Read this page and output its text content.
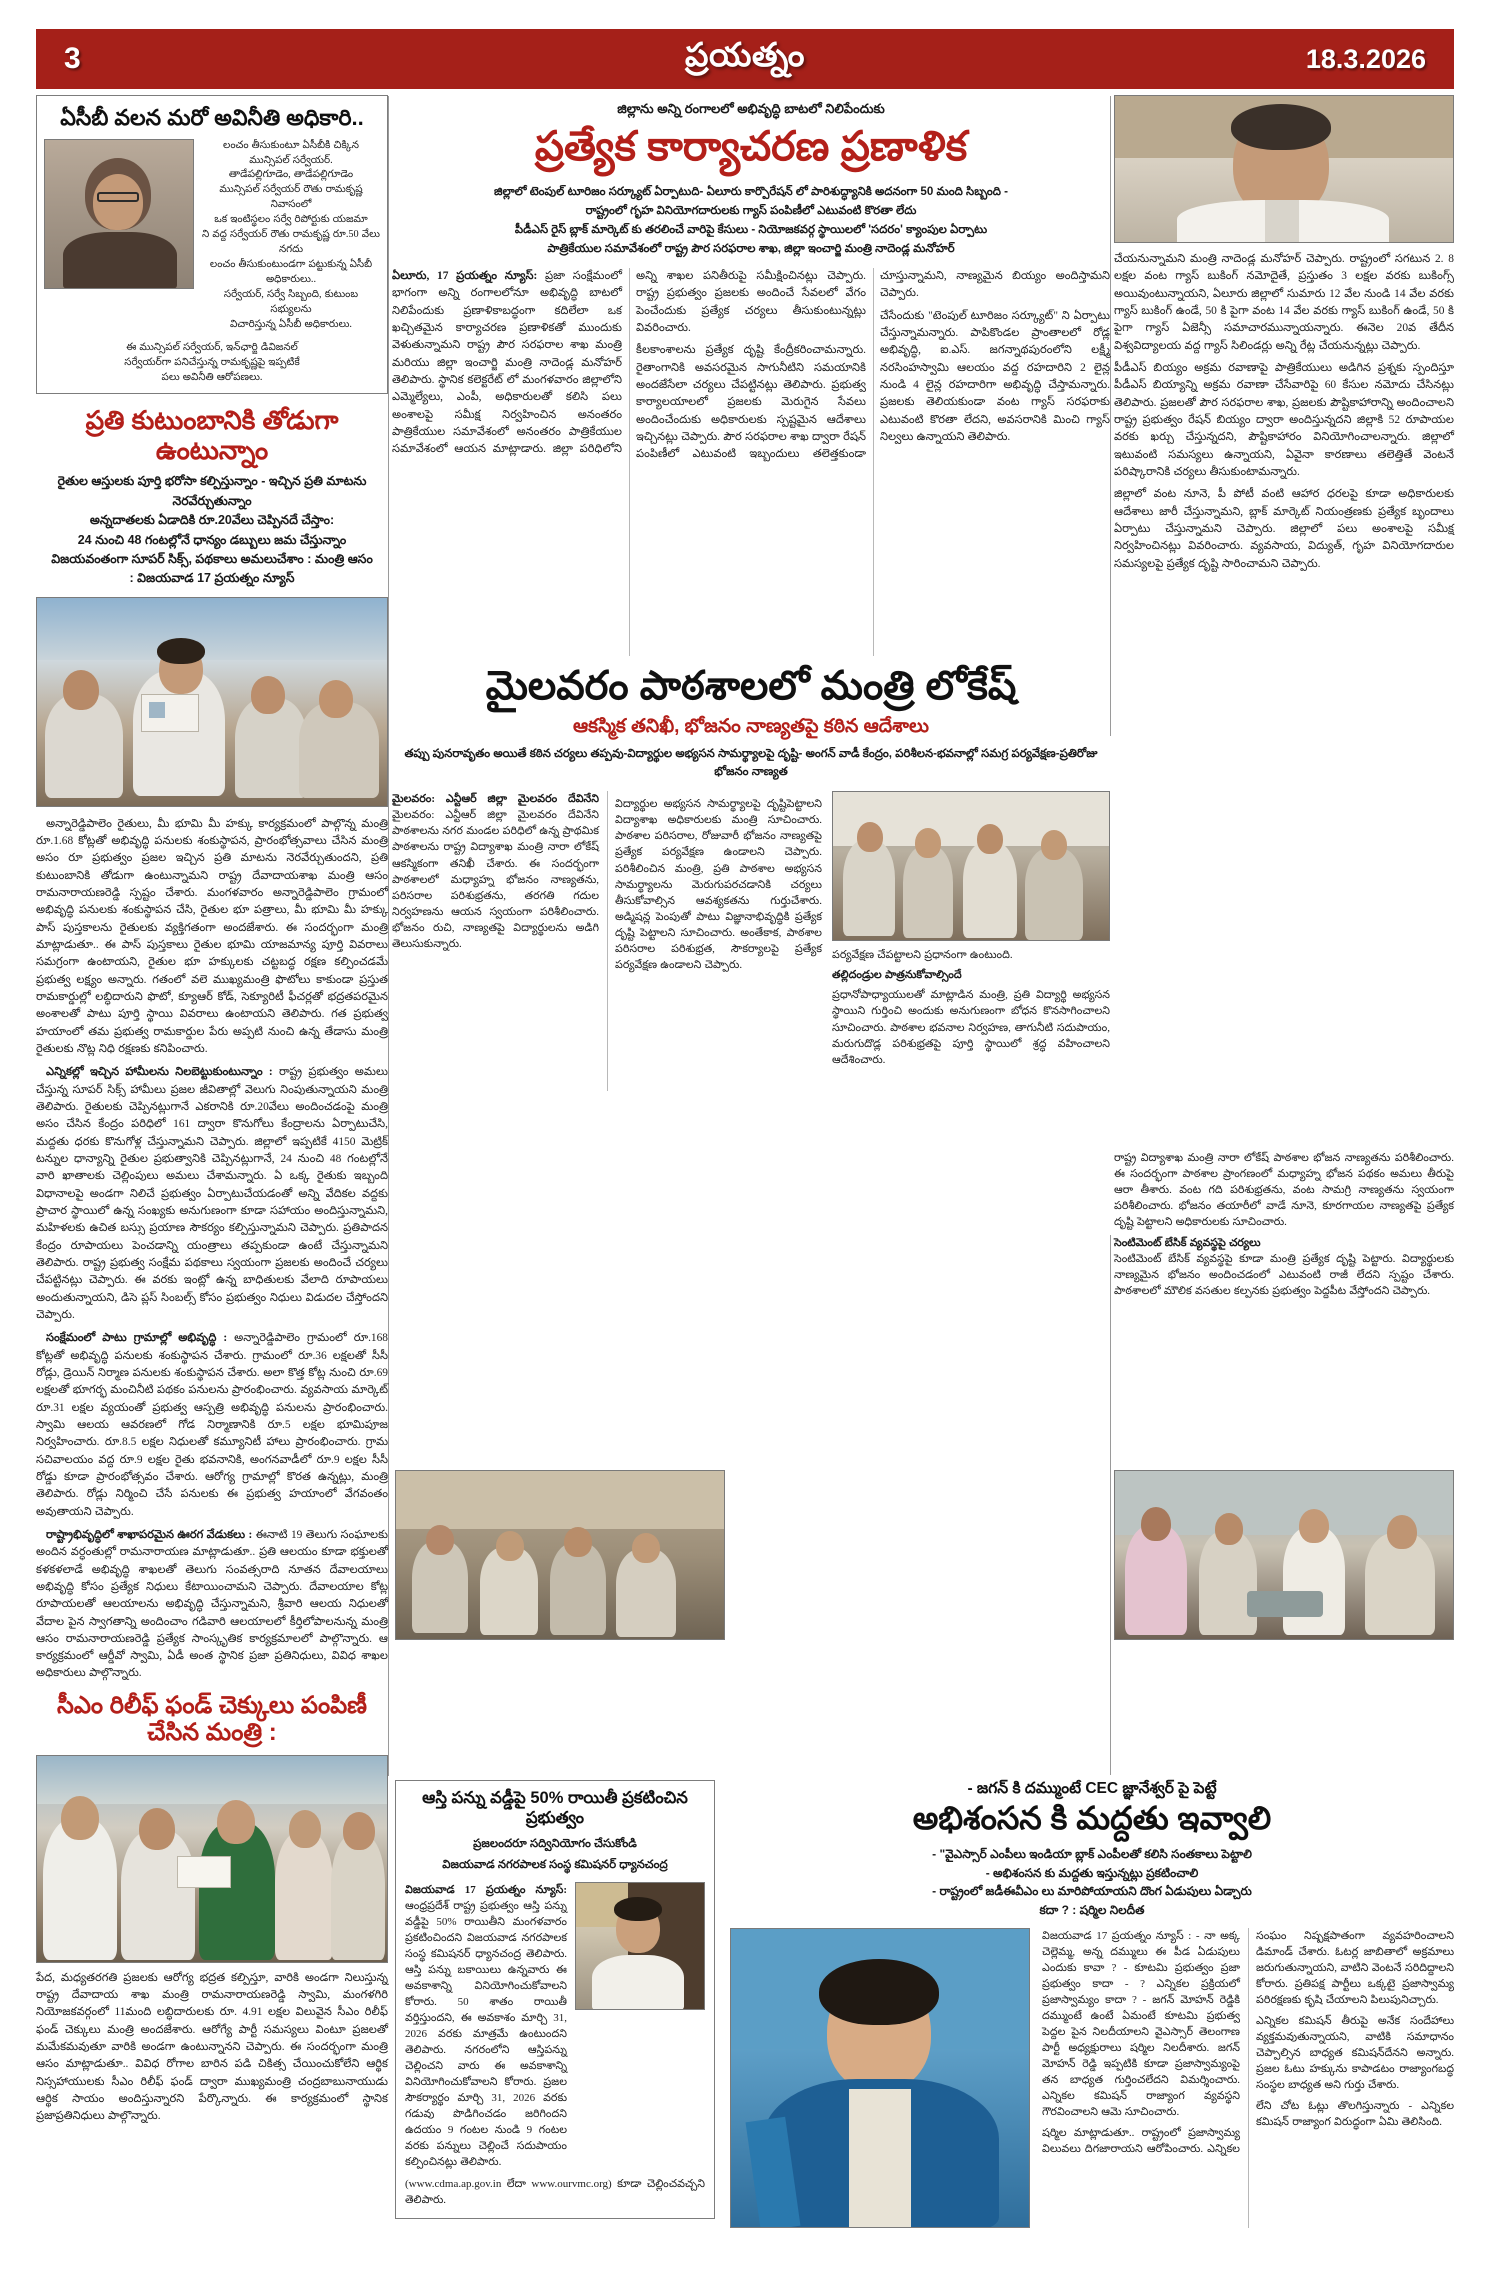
3	ప్రయత్నం	18.3.2026
ఏసీబీ వలన మరో అవినీతి అధికారి..
లంచం తీసుకుంటూ ఏసీబీకి చిక్కిన
మున్సిపల్ సర్వేయర్.
తాడేపల్లిగూడెం, తాడేపల్లిగూడెం
మున్సిపల్ సర్వేయర్ రౌతు రామకృష్ణ నివాసంలో
ఒక ఇంటిస్థలం సర్వే రిపోర్టుకు యజమా
ని వద్ద సర్వేయర్ రౌతు రామకృష్ణ రూ.50 వేలు నగదు
లంచం తీసుకుంటుండగా పట్టుకున్న ఏసీబీ అధికారులు..
సర్వేయర్, సర్వే సిబ్బంది, కుటుంబ సభ్యులను
విచారిస్తున్న ఏసీబీ అధికారులు.
ఈ మున్సిపల్ సర్వేయర్, ఇన్‌ఛార్జి డివిజనల్
సర్వేయర్‌గా పనిచేస్తున్న రామకృష్ణపై ఇప్పటికే
పలు అవినీతి ఆరోపణలు.
ప్రతి కుటుంబానికి తోడుగా ఉంటున్నాం
రైతుల ఆస్తులకు పూర్తి భరోసా కల్పిస్తున్నాం - ఇచ్చిన ప్రతి మాటను నెరవేర్చుతున్నాం
అన్నదాతలకు ఏడాదికి రూ.20వేలు చెప్పినదే చేస్తాం:
24 నుంచి 48 గంటల్లోనే ధాన్యం డబ్బులు జమ చేస్తున్నాం
విజయవంతంగా సూపర్ సిక్స్, పథకాలు అమలుచేశాం : మంత్రి ఆసం
: విజయవాడ 17 ప్రయత్నం న్యూస్

అన్నారెడ్డిపాలెం రైతులు, మీ భూమి మీ హక్కు కార్యక్రమంలో పాల్గొన్న మంత్రి రూ.1.68 కోట్లతో అభివృద్ధి పనులకు శంకుస్థాపన, ప్రారంభోత్సవాలు చేసిన మంత్రి అసం రూ ప్రభుత్వం ప్రజల ఇచ్చిన ప్రతి మాటను నెరవేర్చుతుందని, ప్రతి కుటుంబానికి తోడుగా ఉంటున్నామని రాష్ట్ర దేవాదాయశాఖ మంత్రి ఆసం రామనారాయణరెడ్డి స్పష్టం చేశారు. మంగళవారం అన్నారెడ్డిపాలెం గ్రామంలో అభివృద్ధి పనులకు శంకుస్థాపన చేసి, రైతుల భూ పత్రాలు, మీ భూమి మీ హక్కు పాస్ పుస్తకాలను రైతులకు వ్యక్తిగతంగా అందజేశారు. ఈ సందర్భంగా మంత్రి మాట్లాడుతూ.. ఈ పాస్ పుస్తకాలు రైతుల భూమి యాజమాన్య పూర్తి వివరాలు సమగ్రంగా ఉంటాయని, రైతుల భూ హక్కులకు చట్టబద్ధ రక్షణ కల్పించడమే ప్రభుత్వ లక్ష్యం అన్నారు. గతంలో వలె ముఖ్యమంత్రి ఫొటోలు కాకుండా ప్రస్తుత రామకార్డుల్లో లబ్ధిదారుని ఫొటో, క్యూఆర్ కోడ్, సెక్యూరిటీ ఫీచర్లతో భద్రతపరమైన అంశాలతో పాటు పూర్తి స్థాయి వివరాలు ఉంటాయని తెలిపారు. గత ప్రభుత్వ హయాంలో తమ ప్రభుత్వ రామకార్డుల పేరు అప్పటి నుంచి ఉన్న తేడాసు మంత్రి రైతులకు నొట్ల నిధి రక్షణకు కనిపించారు.

ఎన్నికల్లో ఇచ్చిన హామీలను నిలబెట్టుకుంటున్నాం : రాష్ట్ర ప్రభుత్వం అమలు చేస్తున్న సూపర్ సిక్స్ హామీలు ప్రజల జీవితాల్లో వెలుగు నింపుతున్నాయని మంత్రి తెలిపారు. రైతులకు చెప్పినట్లుగానే ఎకరానికి రూ.20వేలు అందించడంపై మంత్రి అసం చేసిన కేంద్రం పరిధిలో 161 ద్వారా కొనుగోలు కేంద్రాలను ఏర్పాటుచేసి, మద్దతు ధరకు కొనుగోళ్ల చేస్తున్నామని చెప్పారు. జిల్లాలో ఇప్పటికే 4150 మెట్రిక్ టన్నుల ధాన్యాన్ని రైతుల ప్రభుత్వానికి చెప్పినట్లుగానే, 24 నుంచి 48 గంటల్లోనే వారి ఖాతాలకు చెల్లింపులు అమలు చేశామన్నారు. ఏ ఒక్క రైతుకు ఇబ్బంది విధానాలపై అండగా నిలిచే ప్రభుత్వం ఏర్పాటుచేయడంతో అన్ని వేదికల వద్దకు ప్రాచార స్థాయిలో ఉన్న సంఖ్యకు అనుగుణంగా కూడా సహాయం అందిస్తున్నామని, మహిళలకు ఉచిత బస్సు ప్రయాణ సౌకర్యం కల్పిస్తున్నామని చెప్పారు. ప్రతిపాదన కేంద్రం రూపాయలు పెంచడాన్ని యంత్రాలు తప్పకుండా ఉంటే చేస్తున్నామని తెలిపారు. రాష్ట్ర ప్రభుత్వ సంక్షేమ పథకాలు స్వయంగా ప్రజలకు అందించే చర్యలు చేపట్టినట్లు చెప్పారు. ఈ వరకు ఇంట్లో ఉన్న బాధితులకు వేలాది రూపాయలు అందుతున్నాయని, డిసె ప్లస్ సింబల్స్ కోసం ప్రభుత్వం నిధులు విడుదల చేస్తోందని చెప్పారు.

సంక్షేమంలో పాటు గ్రామాల్లో అభివృద్ధి : అన్నారెడ్డిపాలెం గ్రామంలో రూ.168 కోట్లతో అభివృద్ధి పనులకు శంకుస్థాపన చేశారు. గ్రామంలో రూ.36 లక్షలతో సీసీ రోడ్లు, డ్రెయిన్ నిర్మాణ పనులకు శంకుస్థాపన చేశారు. అలా కొత్త కోట్ల నుంచి రూ.69 లక్షలతో భూగర్భ మంచినీటి పథకం పనులను ప్రారంభించారు. వ్యవసాయ మార్కెట్ రూ.31 లక్షల వ్యయంతో ప్రభుత్వ ఆస్పత్రి అభివృద్ధి పనులను ప్రారంభించారు. స్వామి ఆలయ ఆవరణలో గోడ నిర్మాణానికి రూ.5 లక్షల భూమిపూజ నిర్వహించారు. రూ.8.5 లక్షల నిధులతో కమ్యూనిటీ హాలు ప్రారంభించారు. గ్రామ సచివాలయం వద్ద రూ.9 లక్షల రైతు భవనానికి, అంగనవాడీలో రూ.9 లక్షల సీసీ రోడ్డు కూడా ప్రారంభోత్సవం చేశారు. ఆరోగ్య గ్రామాల్లో కొరత ఉన్నట్లు, మంత్రి తెలిపారు. రోడ్లు నిర్మించి చేసే పనులకు ఈ ప్రభుత్వ హయాంలో వేగవంతం అవుతాయని చెప్పారు.

రాష్ట్రాభివృద్ధిలో శాఖాపరమైన ఊరగ వేడుకలు : ఈనాటి 19 తెలుగు సంఘాలకు అందిన వర్ధంతుల్లో రామనారాయణ మాట్లాడుతూ.. ప్రతి ఆలయం కూడా భక్తులతో కళకళలాడే అభివృద్ధి శాఖలతో తెలుగు సంవత్సరాది నూతన దేవాలయాలు అభివృద్ధి కోసం ప్రత్యేక నిధులు కేటాయించామని చెప్పారు. దేవాలయాల కోట్ల రూపాయలతో ఆలయాలను అభివృద్ధి చేస్తున్నామని, శ్రీవారి ఆలయ నిధులతో వేదాల పైన స్వాగతాన్ని అందించాం గడివారి ఆలయాలలో కీర్తిలోపాలనున్న మంత్రి ఆసం రామనారాయణరెడ్డి ప్రత్యేక సాంస్కృతిక కార్యక్రమాలలో పాల్గొన్నారు. ఆ కార్యక్రమంలో ఆర్డీవో స్వామి, ఏడీ అంత స్థానిక ప్రజా ప్రతినిధులు, వివిధ శాఖల అధికారులు పాల్గొన్నారు.

సీఎం రిలీఫ్ ఫండ్ చెక్కులు పంపిణీ చేసిన మంత్రి :
పేద, మధ్యతరగతి ప్రజలకు ఆరోగ్య భద్రత కల్పిస్తూ, వారికి అండగా నిలుస్తున్న రాష్ట్ర దేవాదాయ శాఖ మంత్రి రామనారాయణరెడ్డి స్వామి, మంగళగిరి నియోజకవర్గంలో 11మంది లబ్ధిదారులకు రూ. 4.91 లక్షల విలువైన సీఎం రిలీఫ్ ఫండ్ చెక్కులు మంత్రి అందజేశారు. ఆరోగ్యే పార్టీ సమస్యలు వింటూ ప్రజలతో మమేకమవుతూ వారికి అండగా ఉంటున్నానని చెప్పారు. ఈ సందర్భంగా మంత్రి ఆసం మాట్లాడుతూ.. వివిధ రోగాల బారిన పడి చికిత్స చేయించుకోలేని ఆర్థిక నిస్సహాయులకు సీఎం రిలీఫ్ ఫండ్ ద్వారా ముఖ్యమంత్రి చంద్రబాబునాయుడు ఆర్థిక సాయం అందిస్తున్నారని పేర్కొన్నారు. ఈ కార్యక్రమంలో స్థానిక ప్రజాప్రతినిధులు పాల్గొన్నారు.
జిల్లాను అన్ని రంగాలలో అభివృద్ధి బాటలో నిలిపేందుకు
ప్రత్యేక కార్యాచరణ ప్రణాళిక
జిల్లాలో టెంపుల్ టూరిజం సర్క్యూట్ ఏర్పాటుది- ఏలూరు కార్పొరేషన్ లో పారిశుద్ధ్యానికి అదనంగా 50 మంది సిబ్బంది -
రాష్ట్రంలో గృహ వినియోగదారులకు గ్యాస్ పంపిణీలో ఎటువంటి కొరతా లేదు
పీడీఎస్ రైస్ బ్లాక్ మార్కెట్ కు తరలించే వారిపై కేసులు - నియోజకవర్గ స్థాయిలలో 'సదరం' క్యాంపుల ఏర్పాటు
పాత్రికేయుల సమావేశంలో రాష్ట్ర పౌర సరఫరాల శాఖ, జిల్లా ఇంచార్జి మంత్రి నాదెండ్ల మనోహర్

ఏలూరు, 17 ప్రయత్నం న్యూస్: ప్రజా సంక్షేమంలో భాగంగా అన్ని రంగాలలోనూ అభివృద్ధి బాటలో నిలిపేందుకు ప్రణాళికాబద్ధంగా కదిలేలా ఒక ఖచ్చితమైన కార్యాచరణ ప్రణాళికతో ముందుకు వెళుతున్నామని రాష్ట్ర పౌర సరఫరాల శాఖ మంత్రి మరియు జిల్లా ఇంచార్జి మంత్రి నాదెండ్ల మనోహర్ తెలిపారు. స్థానిక కలెక్టరేట్ లో మంగళవారం జిల్లాలోని ఎమ్మెల్యేలు, ఎంపీ, అధికారులతో కలిసి పలు అంశాలపై సమీక్ష నిర్వహించిన అనంతరం పాత్రికేయుల సమావేశంలో అనంతరం పాత్రికేయుల సమావేశంలో ఆయన మాట్లాడారు. జిల్లా పరిధిలోని అన్ని శాఖల పనితీరుపై సమీక్షించినట్లు చెప్పారు. రాష్ట్ర ప్రభుత్వం ప్రజలకు అందించే సేవలలో వేగం పెంచేందుకు ప్రత్యేక చర్యలు తీసుకుంటున్నట్లు వివరించారు.

కీలకాంశాలను ప్రత్యేక దృష్టి కేంద్రీకరించామన్నారు. రైతాంగానికి అవసరమైన సాగునీటిని సమయానికి అందజేసేలా చర్యలు చేపట్టినట్లు తెలిపారు. ప్రభుత్వ కార్యాలయాలలో ప్రజలకు మెరుగైన సేవలు అందించేందుకు అధికారులకు స్పష్టమైన ఆదేశాలు ఇచ్చినట్లు చెప్పారు. పౌర సరఫరాల శాఖ ద్వారా రేషన్ పంపిణీలో ఎటువంటి ఇబ్బందులు తలెత్తకుండా చూస్తున్నామని, నాణ్యమైన బియ్యం అందిస్తామని చెప్పారు.

చేసేందుకు "టెంపుల్ టూరిజం సర్క్యూట్" ని ఏర్పాటు చేస్తున్నామన్నారు. పాపికొండల ప్రాంతాలలో రోడ్ల అభివృద్ధి, ఐ.ఎస్. జగన్నాథపురంలోని లక్ష్మీ నరసింహస్వామి ఆలయం వద్ద రహదారిని 2 లైన్ల నుండి 4 లైన్ల రహదారిగా అభివృద్ధి చేస్తామన్నారు. ప్రజలకు తెలియకుండా వంట గ్యాస్ సరఫరాకు ఎటువంటి కొరతా లేదని, అవసరానికి మించి గ్యాస్ నిల్వలు ఉన్నాయని తెలిపారు.

మైలవరం పాఠశాలలో మంత్రి లోకేష్
ఆకస్మిక తనిఖీ, భోజనం నాణ్యతపై కఠిన ఆదేశాలు
తప్పు పునరావృతం అయితే కఠిన చర్యలు తప్పవు-విద్యార్థుల అభ్యసన సామర్థ్యాలపై దృష్టి- అంగన్ వాడీ కేంద్రం, పరిశీలన-భవనాల్లో సమగ్ర పర్యవేక్షణ-ప్రతిరోజు భోజనం నాణ్యత

మైలవరం: ఎన్టీఆర్ జిల్లా మైలవరం దేవినేని మైలవరం: ఎన్టీఆర్ జిల్లా మైలవరం దేవినేని పాఠశాలను నగర మండల పరిధిలో ఉన్న ప్రాథమిక పాఠశాలను రాష్ట్ర విద్యాశాఖ మంత్రి నారా లోకేష్ ఆకస్మికంగా తనిఖీ చేశారు. ఈ సందర్భంగా పాఠశాలలో మధ్యాహ్న భోజనం నాణ్యతను, పరిసరాల పరిశుభ్రతను, తరగతి గదుల నిర్వహణను ఆయన స్వయంగా పరిశీలించారు. భోజనం రుచి, నాణ్యతపై విద్యార్థులను అడిగి తెలుసుకున్నారు.

విద్యార్థుల అభ్యసన సామర్థ్యాలపై దృష్టిపెట్టాలని విద్యాశాఖ అధికారులకు మంత్రి సూచించారు. పాఠశాల పరిసరాల, రోజువారీ భోజనం నాణ్యతపై ప్రత్యేక పర్యవేక్షణ ఉండాలని చెప్పారు. పరిశీలించిన మంత్రి, ప్రతి పాఠశాల అభ్యసన సామర్థ్యాలను మెరుగుపరచడానికి చర్యలు తీసుకోవాల్సిన ఆవశ్యకతను గుర్తుచేశారు. అడ్మిషన్ల పెంపుతో పాటు విజ్ఞానాభివృద్ధికి ప్రత్యేక దృష్టి పెట్టాలని సూచించారు. అంతేకాక, పాఠశాల పరిసరాల పరిశుభ్రత, సౌకర్యాలపై ప్రత్యేక పర్యవేక్షణ ఉండాలని చెప్పారు.

పర్యవేక్షణ చేపట్టాలని ప్రధానంగా ఉంటుంది.
తల్లిదండ్రుల పాత్రనుకోవాల్సిందే
ప్రధానోపాధ్యాయులతో మాట్లాడిన మంత్రి, ప్రతి విద్యార్థి అభ్యసన స్థాయిని గుర్తించి అందుకు అనుగుణంగా బోధన కొనసాగించాలని సూచించారు. పాఠశాల భవనాల నిర్వహణ, తాగునీటి సదుపాయం, మరుగుదొడ్ల పరిశుభ్రతపై పూర్తి స్థాయిలో శ్రద్ధ వహించాలని ఆదేశించారు.

చేయనున్నామని మంత్రి నాదెండ్ల మనోహర్ చెప్పారు. రాష్ట్రంలో సగటున 2. 8 లక్షల వంట గ్యాస్ బుకింగ్ నమోదైతే, ప్రస్తుతం 3 లక్షల వరకు బుకింగ్స్ అయివుంటున్నాయని, ఏలూరు జిల్లాలో సుమారు 12 వేల నుండి 14 వేల వరకు గ్యాస్ బుకింగ్ ఉండే, 50 కి పైగా వంట 14 వేల వరకు గ్యాస్ బుకింగ్ ఉండే, 50 కి పైగా గ్యాస్ ఏజెన్సీ సమాచారమున్నాయన్నారు. ఈనెల 20వ తేదీన విశ్వవిద్యాలయ వద్ద గ్యాస్ సిలిండర్లు అన్ని రేట్ల చేయనున్నట్లు చెప్పారు.

పీడీఎస్ బియ్యం అక్రమ రవాణాపై పాత్రికేయులు అడిగిన ప్రశ్నకు స్పందిస్తూ పీడీఎస్ బియ్యాన్ని అక్రమ రవాణా చేసేవారిపై 60 కేసుల నమోదు చేసినట్లు తెలిపారు. ప్రజలతో పౌర సరఫరాల శాఖ, ప్రజలకు పౌష్టికాహారాన్ని అందించాలని రాష్ట్ర ప్రభుత్వం రేషన్ బియ్యం ద్వారా అందిస్తున్నదని జిల్లాకి 52 రూపాయల వరకు ఖర్చు చేస్తున్నదని, పౌష్టికాహారం వినియోగించాలన్నారు. జిల్లాలో ఇటువంటి సమస్యలు ఉన్నాయని, ఏవైనా కారణాలు తలెత్తితే వెంటనే పరిష్కారానికి చర్యలు తీసుకుంటామన్నారు.

జిల్లాలో వంట నూనె, పీ పోటీ వంటి ఆహార ధరలపై కూడా అధికారులకు ఆదేశాలు జారీ చేస్తున్నామని, బ్లాక్ మార్కెట్ నియంత్రణకు ప్రత్యేక బృందాలు ఏర్పాటు చేస్తున్నామని చెప్పారు. జిల్లాలో పలు అంశాలపై సమీక్ష నిర్వహించినట్లు వివరించారు. వ్యవసాయ, విద్యుత్, గృహ వినియోగదారుల సమస్యలపై ప్రత్యేక దృష్టి సారించామని చెప్పారు.

రాష్ట్ర విద్యాశాఖ మంత్రి నారా లోకేష్ పాఠశాల భోజన నాణ్యతను పరిశీలించారు. ఈ సందర్భంగా పాఠశాల ప్రాంగణంలో మధ్యాహ్న భోజన పథకం అమలు తీరుపై ఆరా తీశారు. వంట గది పరిశుభ్రతను, వంట సామగ్రి నాణ్యతను స్వయంగా పరిశీలించారు. భోజనం తయారీలో వాడే నూనె, కూరగాయల నాణ్యతపై ప్రత్యేక దృష్టి పెట్టాలని అధికారులకు సూచించారు.

సెంటిమెంట్ బేసిక్ వ్యవస్థపై చర్యలు

సెంటిమెంట్ బేసిక్ వ్యవస్థపై కూడా మంత్రి ప్రత్యేక దృష్టి పెట్టారు. విద్యార్థులకు నాణ్యమైన భోజనం అందించడంలో ఎటువంటి రాజీ లేదని స్పష్టం చేశారు. పాఠశాలలో మౌలిక వసతుల కల్పనకు ప్రభుత్వం పెద్దపీట వేస్తోందని చెప్పారు.

ఆస్తి పన్ను వడ్డీపై 50% రాయితీ ప్రకటించిన ప్రభుత్వం
ప్రజలందరూ సద్వినియోగం చేసుకోండి
విజయవాడ నగరపాలక సంస్థ కమిషనర్ ధ్యానచంద్ర
విజయవాడ 17 ప్రయత్నం న్యూస్: ఆంధ్రప్రదేశ్ రాష్ట్ర ప్రభుత్వం ఆస్తి పన్ను వడ్డీపై 50% రాయితీని మంగళవారం ప్రకటించిందని విజయవాడ నగరపాలక సంస్థ కమిషనర్ ధ్యానచంద్ర తెలిపారు. ఆస్తి పన్ను బకాయిలు ఉన్నవారు ఈ అవకాశాన్ని వినియోగించుకోవాలని కోరారు. 50 శాతం రాయితీ వర్తిస్తుందని, ఈ అవకాశం మార్చి 31, 2026 వరకు మాత్రమే ఉంటుందని తెలిపారు. నగరంలోని ఆస్తిపన్ను చెల్లించని వారు ఈ అవకాశాన్ని వినియోగించుకోవాలని కోరారు. ప్రజల సౌకర్యార్థం మార్చి 31, 2026 వరకు గడువు పొడిగించడం జరిగిందని ఉదయం 9 గంటల నుండి 9 గంటల వరకు పన్నులు చెల్లించే సదుపాయం కల్పించినట్లు తెలిపారు.
(www.cdma.ap.gov.in లేదా www.ourvmc.org) కూడా చెల్లించవచ్చని తెలిపారు.
- జగన్ కి దమ్ముంటే CEC జ్ఞానేశ్వర్ పై పెట్టే
అభిశంసన కి మద్దతు ఇవ్వాలి
- "వైఎస్సార్ ఎంపీలు ఇండియా బ్లాక్ ఎంపీలతో కలిసి సంతకాలు పెట్టాలి
- అభిశంసన కు మద్దతు ఇస్తున్నట్లు ప్రకటించాలి
- రాష్ట్రంలో జడీఈవీఎం లు మారిపోయాయని దొంగ ఏడుపులు ఏడ్చారు
కదా ? : షర్మిల నిలదీత

విజయవాడ 17 ప్రయత్నం న్యూస్ : - నా అక్క చెల్లెమ్మ, అన్న దమ్ములు ఈ పీడ ఏడుపులు ఎందుకు కావా ? - కూటమి ప్రభుత్వం ప్రజా ప్రభుత్వం కాదా - ? ఎన్నికల ప్రక్రియలో ప్రజాస్వామ్యం కాదా ? - జగన్ మోహన్ రెడ్డికి దమ్ముంటే ఉంటే ఏమంటే కూటమి ప్రభుత్వ పెద్దల పైన నిలదీయాలని వైఎస్సార్ తెలంగాణ పార్టీ అధ్యక్షురాలు షర్మిల నిలదీశారు. జగన్ మోహన్ రెడ్డి ఇప్పటికి కూడా ప్రజాస్వామ్యంపై తన బాధ్యత గుర్తించలేదని విమర్శించారు. ఎన్నికల కమిషన్ రాజ్యాంగ వ్యవస్థని గౌరవించాలని ఆమె సూచించారు.

షర్మిల మాట్లాడుతూ.. రాష్ట్రంలో ప్రజాస్వామ్య విలువలు దిగజారాయని ఆరోపించారు. ఎన్నికల సంఘం నిష్పక్షపాతంగా వ్యవహరించాలని డిమాండ్ చేశారు. ఓటర్ల జాబితాలో అక్రమాలు జరుగుతున్నాయని, వాటిని వెంటనే సరిదిద్దాలని కోరారు. ప్రతిపక్ష పార్టీలు ఒక్కటై ప్రజాస్వామ్య పరిరక్షణకు కృషి చేయాలని పిలుపునిచ్చారు.

ఎన్నికల కమిషన్ తీరుపై అనేక సందేహాలు వ్యక్తమవుతున్నాయని, వాటికి సమాధానం చెప్పాల్సిన బాధ్యత కమిషన్‌దేనని అన్నారు. ప్రజల ఓటు హక్కును కాపాడటం రాజ్యాంగబద్ధ సంస్థల బాధ్యత అని గుర్తు చేశారు.

లేని చోట ఓట్లు తొలగిస్తున్నారు - ఎన్నికల కమిషన్ రాజ్యాంగ విరుద్ధంగా ఏమి తెలిసింది.
